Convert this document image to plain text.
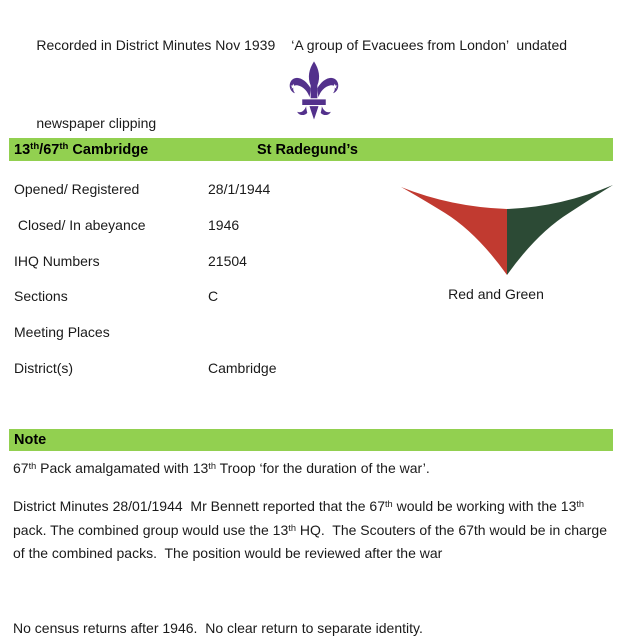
Recorded in District Minutes Nov 1939 ‘A group of Evacuees from London’  undated

newspaper clipping

13th/67th Cambridge	St Radegund’s
Opened/ Registered	28/1/1944
Closed/ In abeyance	1946
IHQ Numbers	21504
Sections	C
Meeting Places
District(s)	Cambridge
Red and Green
Note
67th Pack amalgamated with 13th Troop ‘for the duration of the war’.
District Minutes 28/01/1944  Mr Bennett reported that the 67th would be working with the 13th pack. The combined group would use the 13th HQ.  The Scouters of the 67th would be in charge of the combined packs.  The position would be reviewed after the war
No census returns after 1946.  No clear return to separate identity.
